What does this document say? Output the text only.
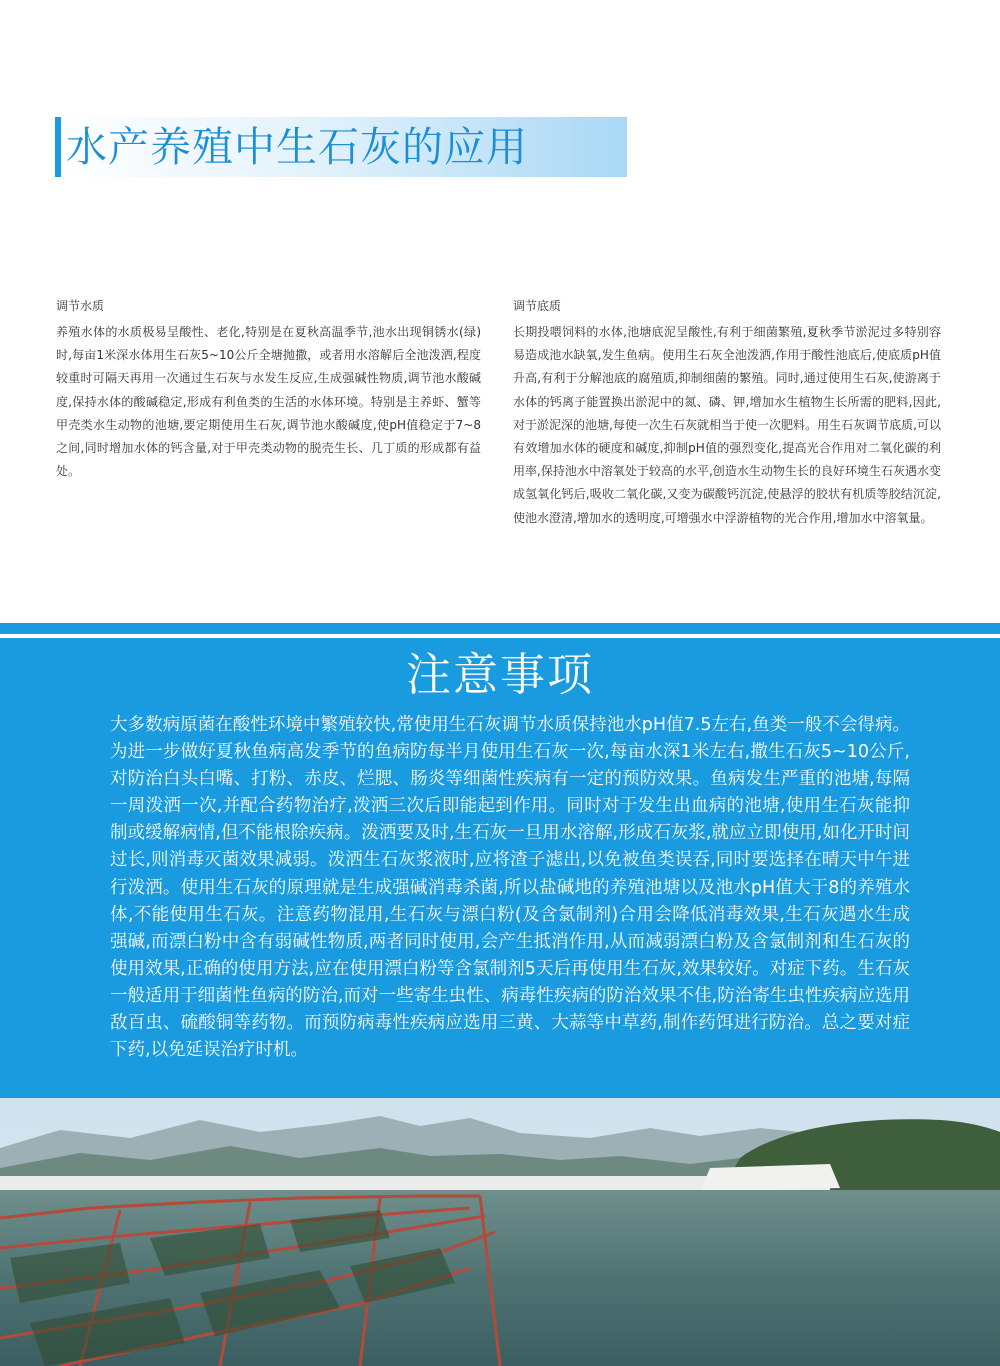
水产养殖中生石灰的应用
调节水质

养殖水体的水质极易呈酸性、老化,特别是在夏秋高温季节,池水出现铜锈水(绿)时,每亩1米深水体用生石灰5~10公斤全塘抛撒，或者用水溶解后全池泼洒,程度较重时可隔天再用一次通过生石灰与水发生反应,生成强碱性物质,调节池水酸碱度,保持水体的酸碱稳定,形成有利鱼类的生活的水体环境。特别是主养虾、蟹等甲壳类水生动物的池塘,要定期使用生石灰,调节池水酸碱度,使pH值稳定于7~8之间,同时增加水体的钙含量,对于甲壳类动物的脱壳生长、几丁质的形成都有益处。

调节底质

长期投喂饲料的水体,池塘底泥呈酸性,有利于细菌繁殖,夏秋季节淤泥过多特别容易造成池水缺氧,发生鱼病。使用生石灰全池泼洒,作用于酸性池底后,使底质pH值升高,有利于分解池底的腐殖质,抑制细菌的繁殖。同时,通过使用生石灰,使游离于水体的钙离子能置换出淤泥中的氮、磷、钾,增加水生植物生长所需的肥料,因此,对于淤泥深的池塘,每使一次生石灰就相当于使一次肥料。用生石灰调节底质,可以有效增加水体的硬度和碱度,抑制pH值的强烈变化,提高光合作用对二氧化碳的利用率,保持池水中溶氧处于较高的水平,创造水生动物生长的良好环境生石灰遇水变成氢氧化钙后,吸收二氧化碳,又变为碳酸钙沉淀,使悬浮的胶状有机质等胶结沉淀,使池水澄清,增加水的透明度,可增强水中浮游植物的光合作用,增加水中溶氧量。

注意事项

大多数病原菌在酸性环境中繁殖较快,常使用生石灰调节水质保持池水pH值7.5左右,鱼类一般不会得病。为进一步做好夏秋鱼病高发季节的鱼病防每半月使用生石灰一次,每亩水深1米左右,撒生石灰5~10公斤,对防治白头白嘴、打粉、赤皮、烂腮、肠炎等细菌性疾病有一定的预防效果。鱼病发生严重的池塘,每隔一周泼洒一次,并配合药物治疗,泼洒三次后即能起到作用。同时对于发生出血病的池塘,使用生石灰能抑制或缓解病情,但不能根除疾病。泼洒要及时,生石灰一旦用水溶解,形成石灰浆,就应立即使用,如化开时间过长,则消毒灭菌效果减弱。泼洒生石灰浆液时,应将渣子滤出,以免被鱼类误吞,同时要选择在晴天中午进行泼洒。使用生石灰的原理就是生成强碱消毒杀菌,所以盐碱地的养殖池塘以及池水pH值大于8的养殖水体,不能使用生石灰。注意药物混用,生石灰与漂白粉(及含氯制剂)合用会降低消毒效果,生石灰遇水生成强碱,而漂白粉中含有弱碱性物质,两者同时使用,会产生抵消作用,从而减弱漂白粉及含氯制剂和生石灰的使用效果,正确的使用方法,应在使用漂白粉等含氯制剂5天后再使用生石灰,效果较好。对症下药。生石灰一般适用于细菌性鱼病的防治,而对一些寄生虫性、病毒性疾病的防治效果不佳,防治寄生虫性疾病应选用敌百虫、硫酸铜等药物。而预防病毒性疾病应选用三黄、大蒜等中草药,制作药饵进行防治。总之要对症下药,以免延误治疗时机。
